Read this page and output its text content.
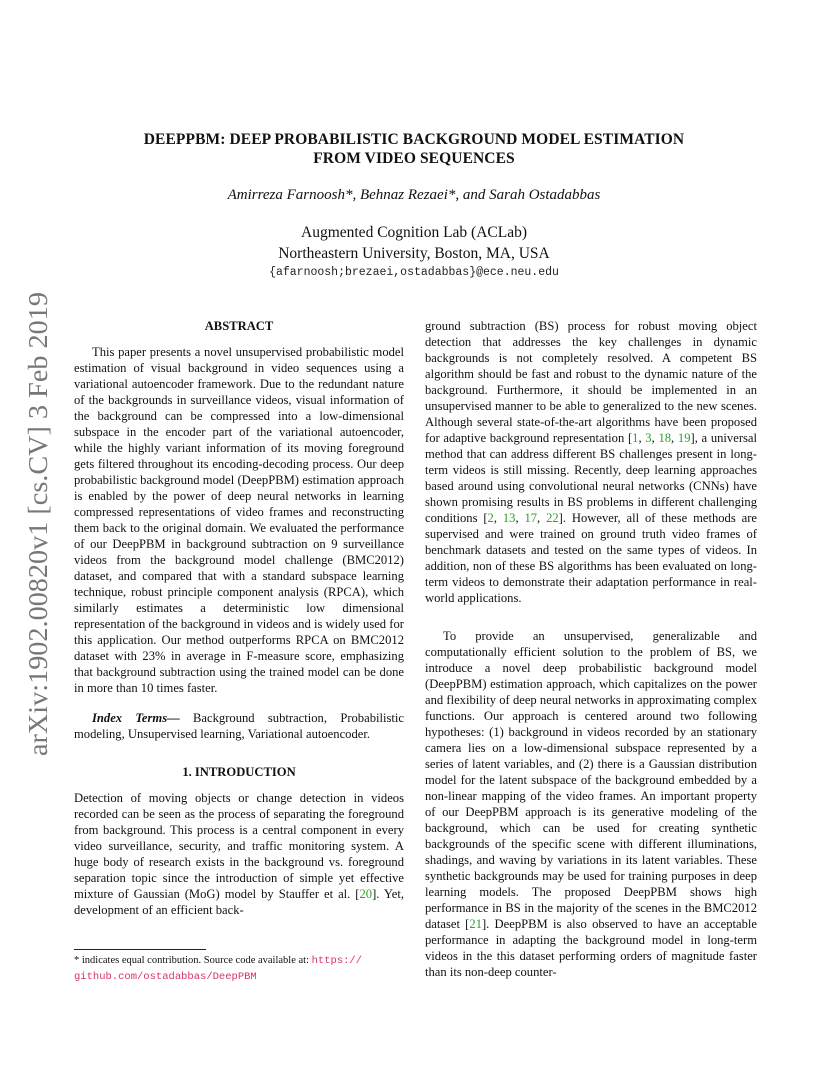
arXiv:1902.00820v1 [cs.CV] 3 Feb 2019
DEEPPBM: DEEP PROBABILISTIC BACKGROUND MODEL ESTIMATION
FROM VIDEO SEQUENCES
Amirreza Farnoosh*, Behnaz Rezaei*, and Sarah Ostadabbas
Augmented Cognition Lab (ACLab)
Northeastern University, Boston, MA, USA
{afarnoosh;brezaei,ostadabbas}@ece.neu.edu
ABSTRACT

This paper presents a novel unsupervised probabilistic model estimation of visual background in video sequences using a variational autoencoder framework. Due to the redundant nature of the backgrounds in surveillance videos, visual information of the background can be compressed into a low-dimensional subspace in the encoder part of the variational autoencoder, while the highly variant information of its moving foreground gets filtered throughout its encoding-decoding process. Our deep probabilistic background model (DeepPBM) estimation approach is enabled by the power of deep neural networks in learning compressed representations of video frames and reconstructing them back to the original domain. We evaluated the performance of our DeepPBM in background subtraction on 9 surveillance videos from the background model challenge (BMC2012) dataset, and compared that with a standard subspace learning technique, robust principle component analysis (RPCA), which similarly estimates a deterministic low dimensional representation of the background in videos and is widely used for this application. Our method outperforms RPCA on BMC2012 dataset with 23% in average in F-measure score, emphasizing that background subtraction using the trained model can be done in more than 10 times faster.

Index Terms— Background subtraction, Probabilistic modeling, Unsupervised learning, Variational autoencoder.

1. INTRODUCTION

Detection of moving objects or change detection in videos recorded can be seen as the process of separating the foreground from background. This process is a central component in every video surveillance, security, and traffic monitoring system. A huge body of research exists in the background vs. foreground separation topic since the introduction of simple yet effective mixture of Gaussian (MoG) model by Stauffer et al. [20]. Yet, development of an efficient back-

ground subtraction (BS) process for robust moving object detection that addresses the key challenges in dynamic backgrounds is not completely resolved. A competent BS algorithm should be fast and robust to the dynamic nature of the background. Furthermore, it should be implemented in an unsupervised manner to be able to generalized to the new scenes. Although several state-of-the-art algorithms have been proposed for adaptive background representation [1, 3, 18, 19], a universal method that can address different BS challenges present in long-term videos is still missing. Recently, deep learning approaches based around using convolutional neural networks (CNNs) have shown promising results in BS problems in different challenging conditions [2, 13, 17, 22]. However, all of these methods are supervised and were trained on ground truth video frames of benchmark datasets and tested on the same types of videos. In addition, non of these BS algorithms has been evaluated on long-term videos to demonstrate their adaptation performance in real-world applications.

To provide an unsupervised, generalizable and computationally efficient solution to the problem of BS, we introduce a novel deep probabilistic background model (DeepPBM) estimation approach, which capitalizes on the power and flexibility of deep neural networks in approximating complex functions. Our approach is centered around two following hypotheses: (1) background in videos recorded by an stationary camera lies on a low-dimensional subspace represented by a series of latent variables, and (2) there is a Gaussian distribution model for the latent subspace of the background embedded by a non-linear mapping of the video frames. An important property of our DeepPBM approach is its generative modeling of the background, which can be used for creating synthetic backgrounds of the specific scene with different illuminations, shadings, and waving by variations in its latent variables. These synthetic backgrounds may be used for training purposes in deep learning models. The proposed DeepPBM shows high performance in BS in the majority of the scenes in the BMC2012 dataset [21]. DeepPBM is also observed to have an acceptable performance in adapting the background model in long-term videos in the this dataset performing orders of magnitude faster than its non-deep counter-

* indicates equal contribution. Source code available at: https://
github.com/ostadabbas/DeepPBM
